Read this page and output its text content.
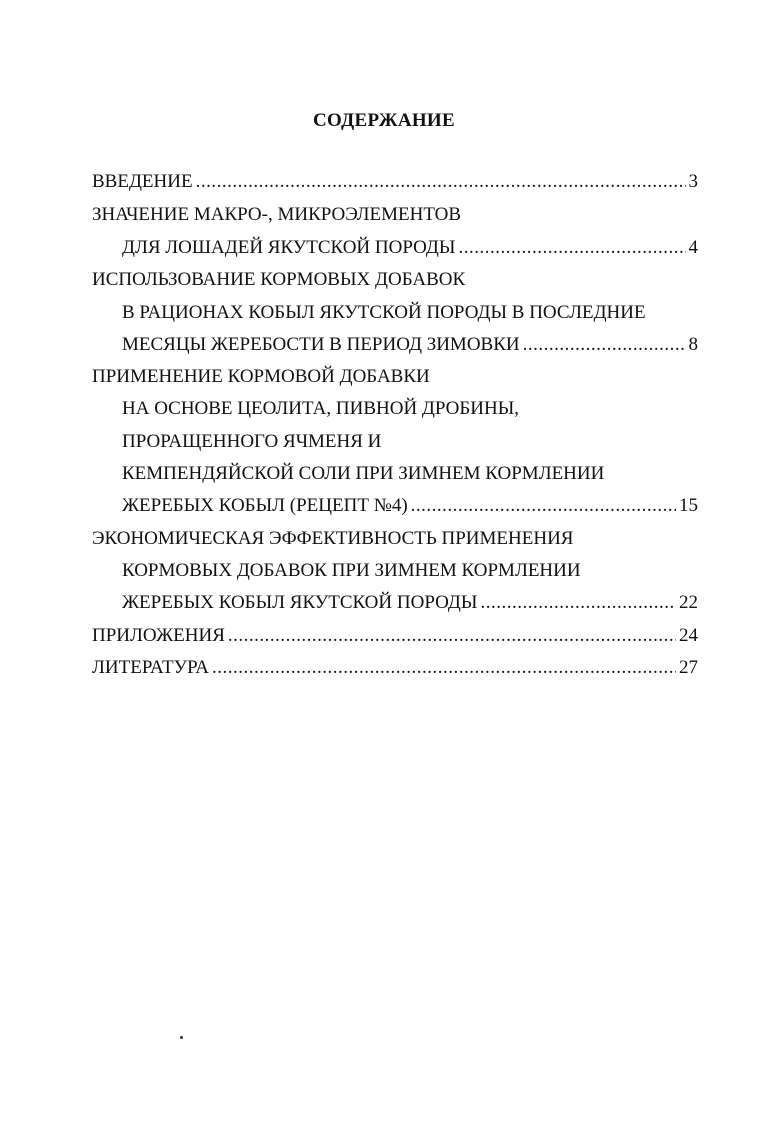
СОДЕРЖАНИЕ
ВВЕДЕНИЕ .....	3
ЗНАЧЕНИЕ МАКРО-, МИКРОЭЛЕМЕНТОВ
ДЛЯ ЛОШАДЕЙ ЯКУТСКОЙ ПОРОДЫ .....	4
ИСПОЛЬЗОВАНИЕ КОРМОВЫХ ДОБАВОК
В РАЦИОНАХ КОБЫЛ ЯКУТСКОЙ ПОРОДЫ В ПОСЛЕДНИЕ
МЕСЯЦЫ ЖЕРЕБОСТИ В ПЕРИОД ЗИМОВКИ .....	8
ПРИМЕНЕНИЕ КОРМОВОЙ ДОБАВКИ
НА ОСНОВЕ ЦЕОЛИТА, ПИВНОЙ ДРОБИНЫ,
ПРОРАЩЕННОГО ЯЧМЕНЯ И
КЕМПЕНДЯЙСКОЙ СОЛИ ПРИ ЗИМНЕМ КОРМЛЕНИИ
ЖЕРЕБЫХ КОБЫЛ (РЕЦЕПТ №4) .....	15
ЭКОНОМИЧЕСКАЯ ЭФФЕКТИВНОСТЬ ПРИМЕНЕНИЯ
КОРМОВЫХ ДОБАВОК ПРИ ЗИМНЕМ КОРМЛЕНИИ
ЖЕРЕБЫХ КОБЫЛ ЯКУТСКОЙ ПОРОДЫ .....	22
ПРИЛОЖЕНИЯ .....	24
ЛИТЕРАТУРА .....	27
